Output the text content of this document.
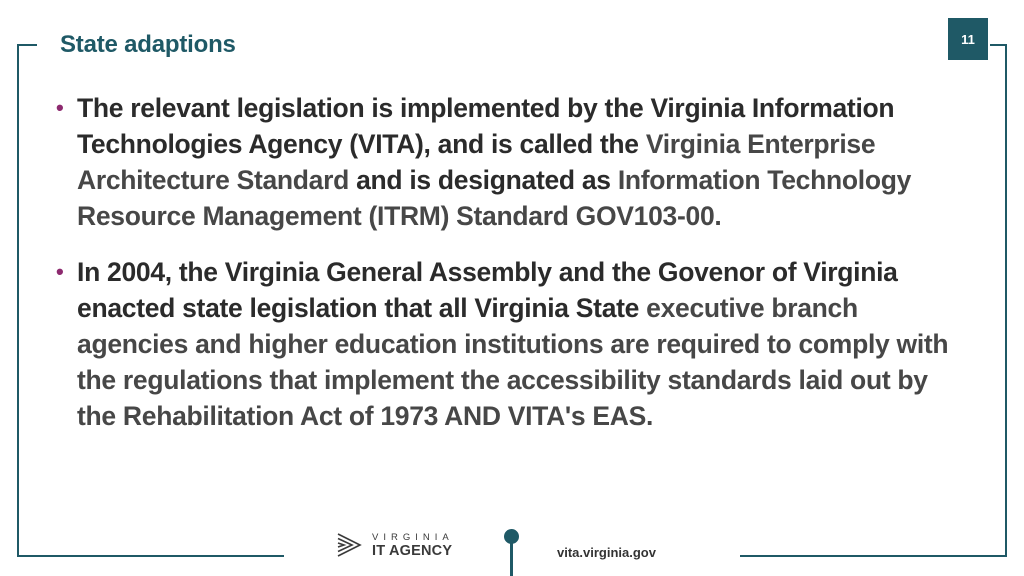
State adaptions	11
• The relevant legislation is implemented by the Virginia Information Technologies Agency (VITA), and is called the Virginia Enterprise Architecture Standard and is designated as Information Technology Resource Management (ITRM) Standard GOV103-00.
• In 2004, the Virginia General Assembly and the Govenor of Virginia enacted state legislation that all Virginia State executive branch agencies and higher education institutions are required to comply with the regulations that implement the accessibility standards laid out by the Rehabilitation Act of 1973 AND VITA's EAS.
VIRGINIA
IT AGENCY	vita.virginia.gov
